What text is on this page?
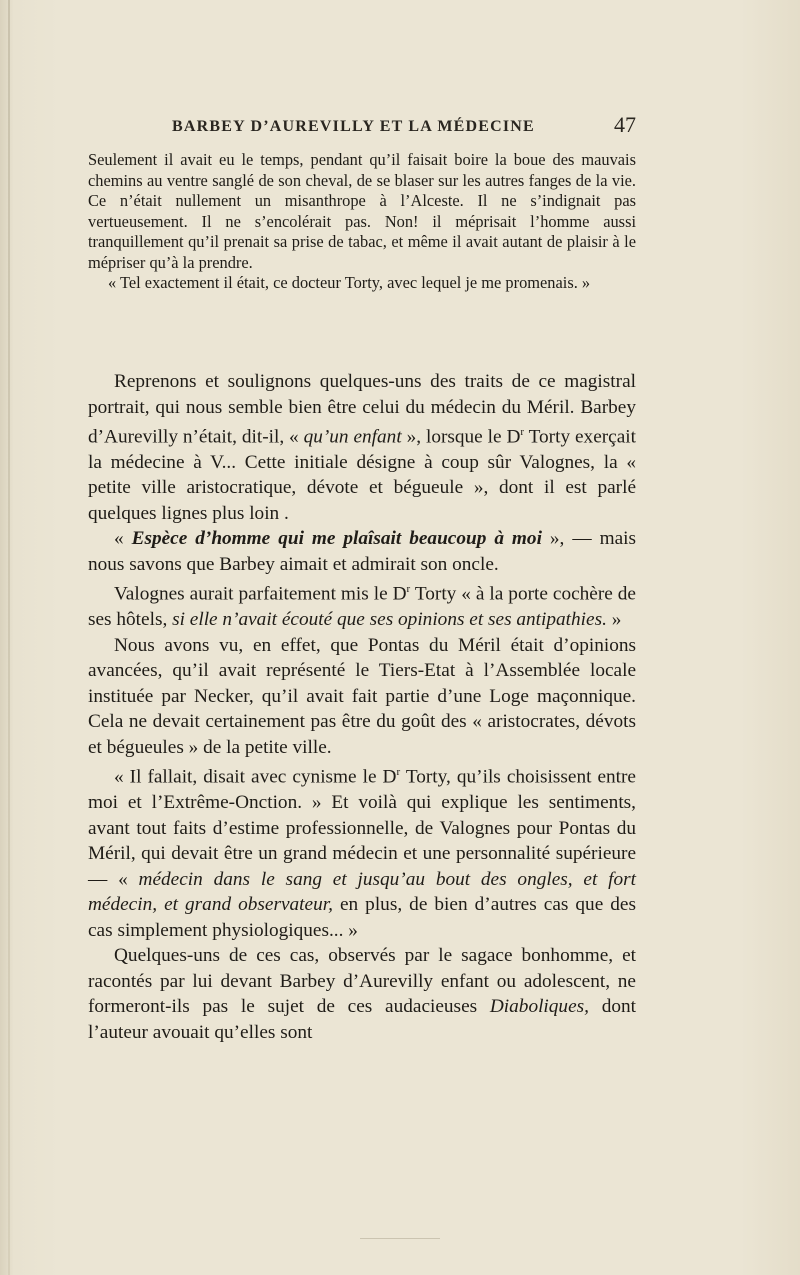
BARBEY D’AUREVILLY ET LA MÉDECINE	47

Seulement il avait eu le temps, pendant qu’il faisait boire la boue des mauvais chemins au ventre sanglé de son cheval, de se blaser sur les autres fanges de la vie. Ce n’était nullement un misanthrope à l’Alceste. Il ne s’indignait pas vertueusement. Il ne s’encolérait pas. Non! il méprisait l’homme aussi tranquillement qu’il prenait sa prise de tabac, et même il avait autant de plaisir à le mépriser qu’à la prendre.

« Tel exactement il était, ce docteur Torty, avec lequel je me promenais. »

Reprenons et soulignons quelques-uns des traits de ce magistral portrait, qui nous semble bien être celui du médecin du Méril. Barbey d’Aurevilly n’était, dit-il, « qu’un enfant », lorsque le $D^r$ Torty exerçait la médecine à V... Cette initiale désigne à coup sûr Valognes, la « petite ville aristocratique, dévote et bégueule », dont il est parlé quelques lignes plus loin .

« Espèce d’homme qui me plaîsait beaucoup à moi », — mais nous savons que Barbey aimait et admirait son oncle.

Valognes aurait parfaitement mis le $D^r$ Torty « à la porte cochère de ses hôtels, si elle n’avait écouté que ses opinions et ses antipathies. »

Nous avons vu, en effet, que Pontas du Méril était d’opinions avancées, qu’il avait représenté le Tiers-Etat à l’Assemblée locale instituée par Necker, qu’il avait fait partie d’une Loge maçonnique. Cela ne devait certainement pas être du goût des « aristocrates, dévots et bégueules » de la petite ville.

« Il fallait, disait avec cynisme le $D^r$ Torty, qu’ils choisissent entre moi et l’Extrême-Onction. » Et voilà qui explique les sentiments, avant tout faits d’estime professionnelle, de Valognes pour Pontas du Méril, qui devait être un grand médecin et une personnalité supérieure — « médecin dans le sang et jusqu’au bout des ongles, et fort médecin, et grand observateur, en plus, de bien d’autres cas que des cas simplement physiologiques... »

Quelques-uns de ces cas, observés par le sagace bonhomme, et racontés par lui devant Barbey d’Aurevilly enfant ou adolescent, ne formeront-ils pas le sujet de ces audacieuses Diaboliques, dont l’auteur avouait qu’elles sont
